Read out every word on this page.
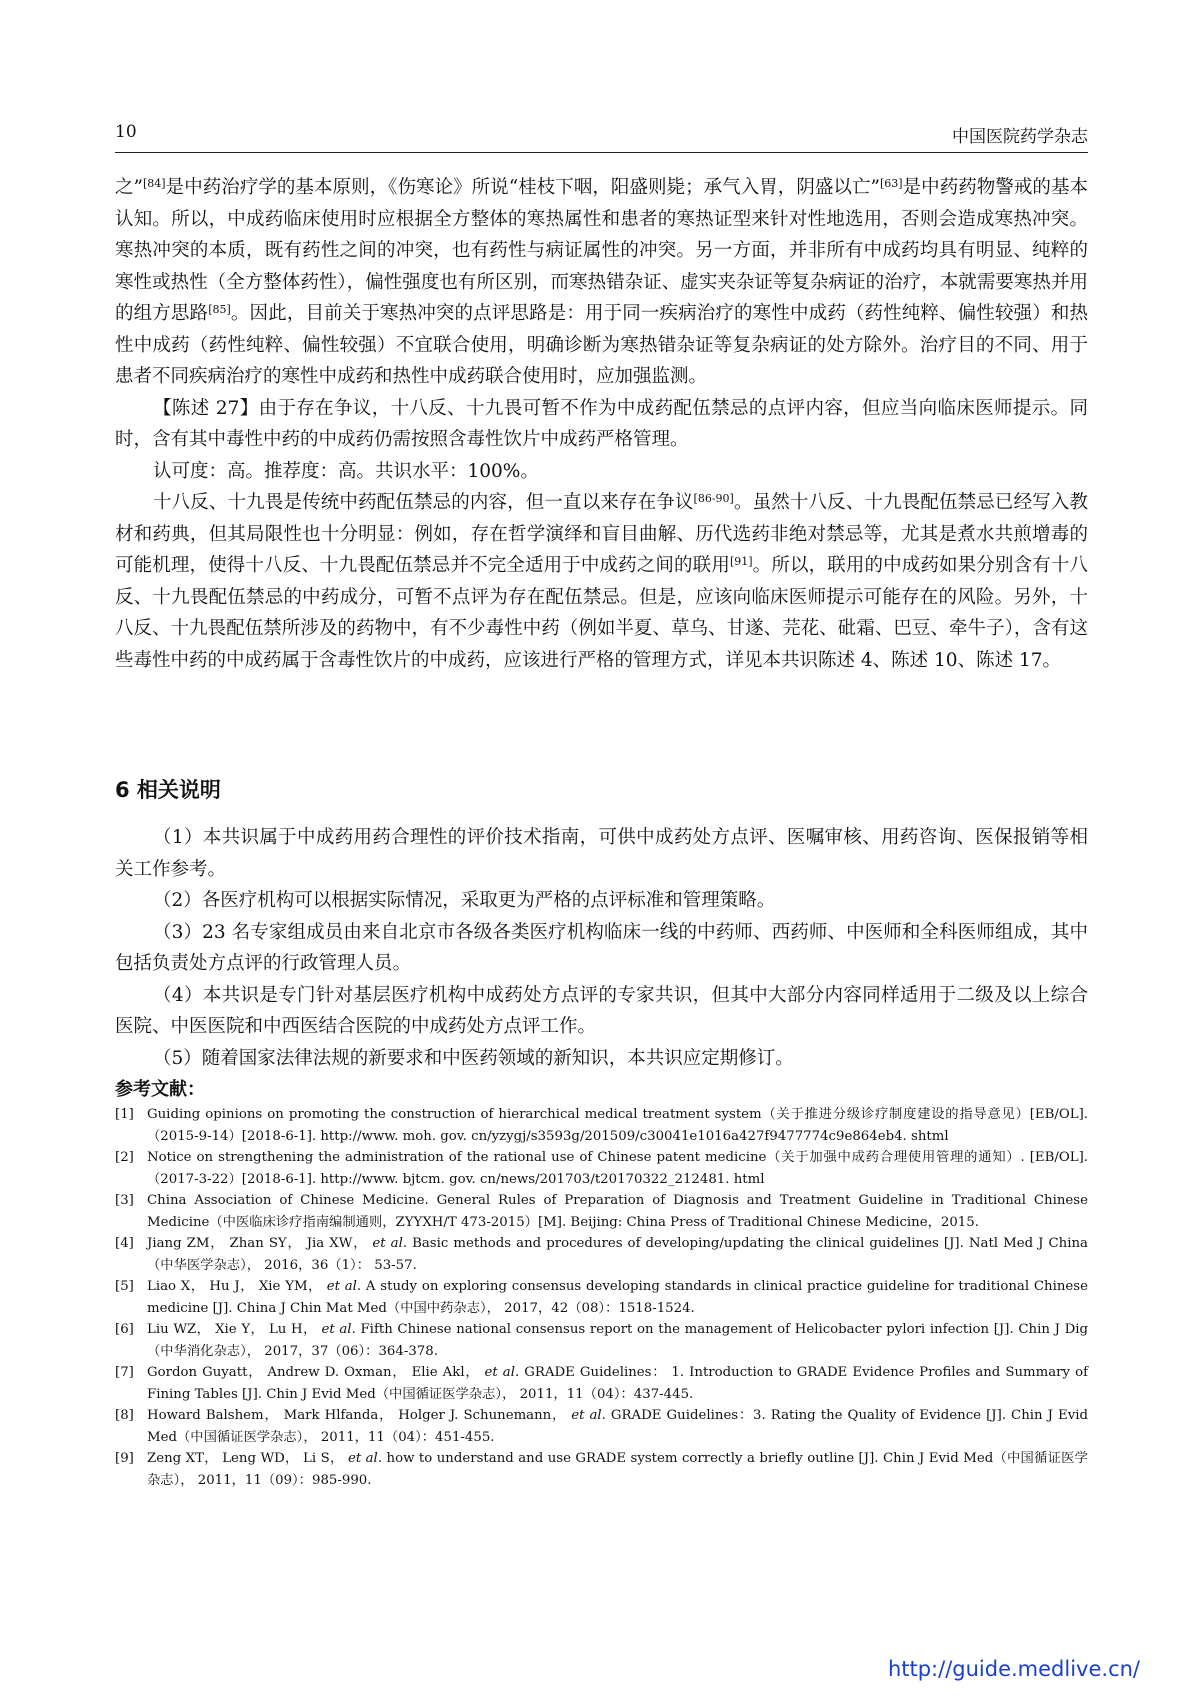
10	中国医院药学杂志

之”[84]是中药治疗学的基本原则，《伤寒论》所说“桂枝下咽，阳盛则毙；承气入胃，阴盛以亡”[63]是中药药物警戒的基本认知。所以，中成药临床使用时应根据全方整体的寒热属性和患者的寒热证型来针对性地选用，否则会造成寒热冲突。寒热冲突的本质，既有药性之间的冲突，也有药性与病证属性的冲突。另一方面，并非所有中成药均具有明显、纯粹的寒性或热性（全方整体药性），偏性强度也有所区别，而寒热错杂证、虚实夹杂证等复杂病证的治疗，本就需要寒热并用的组方思路[85]。因此，目前关于寒热冲突的点评思路是：用于同一疾病治疗的寒性中成药（药性纯粹、偏性较强）和热性中成药（药性纯粹、偏性较强）不宜联合使用，明确诊断为寒热错杂证等复杂病证的处方除外。治疗目的不同、用于患者不同疾病治疗的寒性中成药和热性中成药联合使用时，应加强监测。

【陈述 27】由于存在争议，十八反、十九畏可暂不作为中成药配伍禁忌的点评内容，但应当向临床医师提示。同时，含有其中毒性中药的中成药仍需按照含毒性饮片中成药严格管理。

认可度：高。推荐度：高。共识水平：100%。

十八反、十九畏是传统中药配伍禁忌的内容，但一直以来存在争议[86-90]。虽然十八反、十九畏配伍禁忌已经写入教材和药典，但其局限性也十分明显：例如，存在哲学演绎和盲目曲解、历代选药非绝对禁忌等，尤其是煮水共煎增毒的可能机理，使得十八反、十九畏配伍禁忌并不完全适用于中成药之间的联用[91]。所以，联用的中成药如果分别含有十八反、十九畏配伍禁忌的中药成分，可暂不点评为存在配伍禁忌。但是，应该向临床医师提示可能存在的风险。另外，十八反、十九畏配伍禁所涉及的药物中，有不少毒性中药（例如半夏、草乌、甘遂、芫花、砒霜、巴豆、牵牛子），含有这些毒性中药的中成药属于含毒性饮片的中成药，应该进行严格的管理方式，详见本共识陈述 4、陈述 10、陈述 17。

6 相关说明

（1）本共识属于中成药用药合理性的评价技术指南，可供中成药处方点评、医嘱审核、用药咨询、医保报销等相关工作参考。

（2）各医疗机构可以根据实际情况，采取更为严格的点评标准和管理策略。

（3）23 名专家组成员由来自北京市各级各类医疗机构临床一线的中药师、西药师、中医师和全科医师组成，其中包括负责处方点评的行政管理人员。

（4）本共识是专门针对基层医疗机构中成药处方点评的专家共识，但其中大部分内容同样适用于二级及以上综合医院、中医医院和中西医结合医院的中成药处方点评工作。

（5）随着国家法律法规的新要求和中医药领域的新知识，本共识应定期修订。

参考文献：
[1] Guiding opinions on promoting the construction of hierarchical medical treatment system（关于推进分级诊疗制度建设的指导意见）[EB/OL].（2015-9-14）[2018-6-1]. http://www. moh. gov. cn/yzygj/s3593g/201509/c30041e1016a427f9477774c9e864eb4. shtml
[2] Notice on strengthening the administration of the rational use of Chinese patent medicine（关于加强中成药合理使用管理的通知）. [EB/OL].（2017-3-22）[2018-6-1]. http://www. bjtcm. gov. cn/news/201703/t20170322_212481. html
[3] China Association of Chinese Medicine. General Rules of Preparation of Diagnosis and Treatment Guideline in Traditional Chinese Medicine（中医临床诊疗指南编制通则，ZYYXH/T 473-2015）[M]. Beijing: China Press of Traditional Chinese Medicine，2015.
[4] Jiang ZM， Zhan SY， Jia XW， et al. Basic methods and procedures of developing/updating the clinical guidelines [J]. Natl Med J China（中华医学杂志）， 2016，36（1）： 53-57.
[5] Liao X， Hu J， Xie YM， et al. A study on exploring consensus developing standards in clinical practice guideline for traditional Chinese medicine [J]. China J Chin Mat Med（中国中药杂志）， 2017，42（08）：1518-1524.
[6] Liu WZ， Xie Y， Lu H， et al. Fifth Chinese national consensus report on the management of Helicobacter pylori infection [J]. Chin J Dig（中华消化杂志）， 2017，37（06）：364-378.
[7] Gordon Guyatt， Andrew D. Oxman， Elie Akl， et al. GRADE Guidelines： 1. Introduction to GRADE Evidence Profiles and Summary of Fining Tables [J]. Chin J Evid Med（中国循证医学杂志）， 2011，11（04）：437-445.
[8] Howard Balshem， Mark Hlfanda， Holger J. Schunemann， et al. GRADE Guidelines：3. Rating the Quality of Evidence [J]. Chin J Evid Med（中国循证医学杂志）， 2011，11（04）：451-455.
[9] Zeng XT， Leng WD， Li S， et al. how to understand and use GRADE system correctly a briefly outline [J]. Chin J Evid Med（中国循证医学杂志）， 2011，11（09）：985-990.
http://guide.medlive.cn/
